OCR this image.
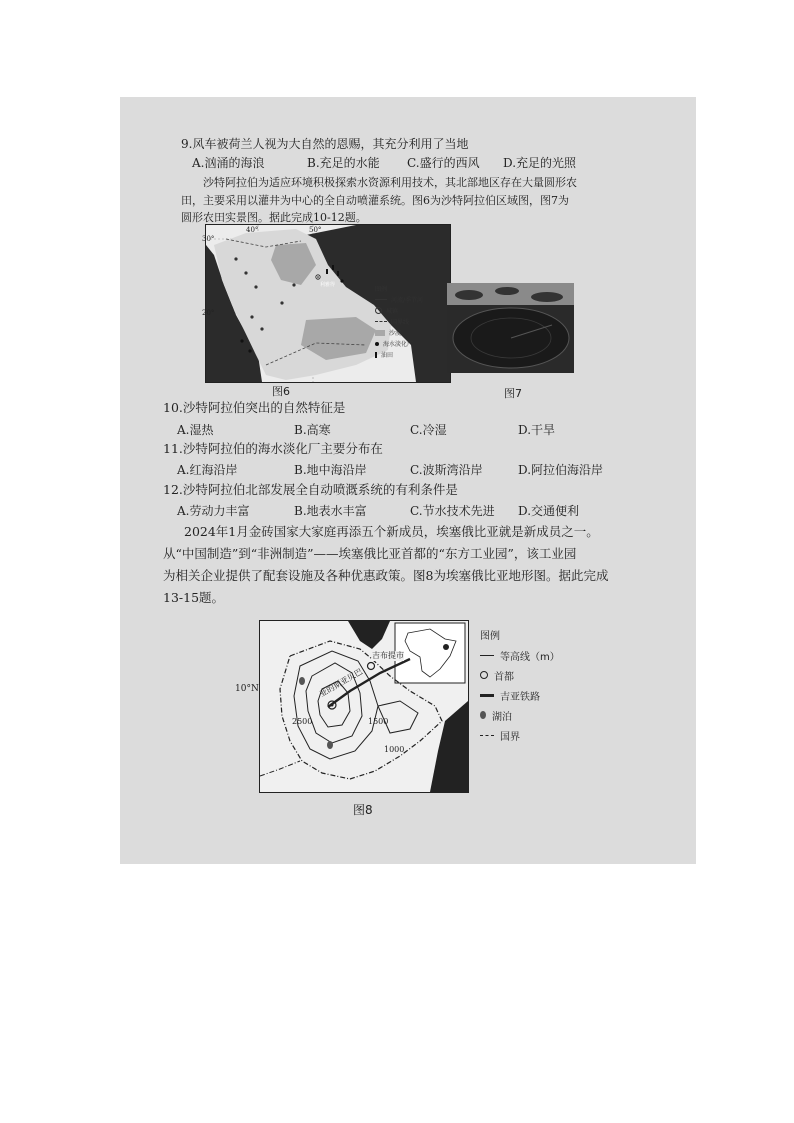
9.风车被荷兰人视为大自然的恩赐，其充分利用了当地
A.汹涌的海浪	B.充足的水能	C.盛行的西风	D.充足的光照
沙特阿拉伯为适应环境积极探索水资源利用技术，其北部地区存在大量圆形农
田，主要采用以灌井为中心的全自动喷灌系统。图6为沙特阿拉伯区域图，图7为
圆形农田实景图。据此完成10-12题。
40°	50°
30°
20°
利雅得
图例
河流/季节河
城镇
国界线
沙漠
海水淡化厂
油田
图6	图7
10.沙特阿拉伯突出的自然特征是
A.湿热	B.高寒	C.冷湿	D.干旱
11.沙特阿拉伯的海水淡化厂主要分布在
A.红海沿岸	B.地中海沿岸	C.波斯湾沿岸	D.阿拉伯海沿岸
12.沙特阿拉伯北部发展全自动喷溉系统的有利条件是
A.劳动力丰富	B.地表水丰富	C.节水技术先进	D.交通便利
2024年1月金砖国家大家庭再添五个新成员，埃塞俄比亚就是新成员之一。
从“中国制造”到“非洲制造”——埃塞俄比亚首都的“东方工业园”，该工业园
为相关企业提供了配套设施及各种优惠政策。图8为埃塞俄比亚地形图。据此完成
13-15题。
吉布提市
亚的斯亚贝巴
2500	1500
1000
10°N
图例
等高线（m）
首都
吉亚铁路
湖泊
国界
图8
